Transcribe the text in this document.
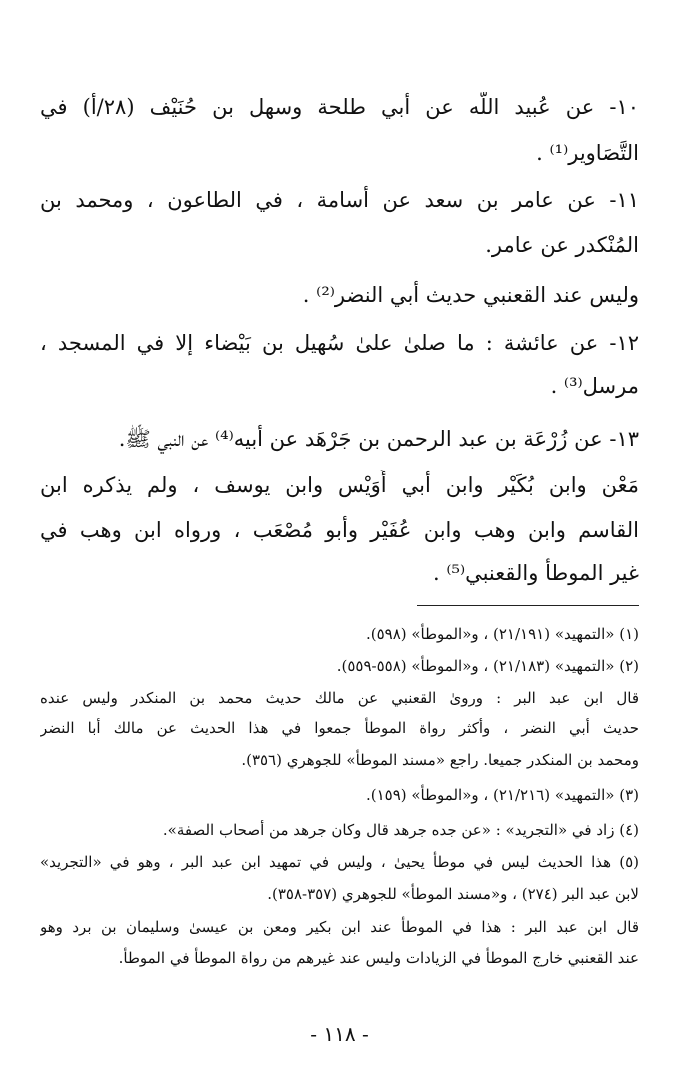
١٠- عن عُبيد اللّه عن أبي طلحة وسهل بن حُنَيْف (٢٨/أ) في
التَّصَاوير⁽¹⁾ .
١١- عن عامر بن سعد عن أسامة ، في الطاعون ، ومحمد بن
المُنْكدر عن عامر.
وليس عند القعنبي حديث أبي النضر⁽²⁾ .
١٢- عن عائشة : ما صلىٰ علىٰ سُهيل بن بَيْضاء إلا في المسجد ،
مرسل⁽³⁾ .
١٣- عن زُرْعَة بن عبد الرحمن بن جَرْهَد عن أبيه⁽⁴⁾ عن النبي ﷺ.
مَعْن وابن بُكَيْر وابن أبي أُوَيْس وابن يوسف ، ولم يذكره ابن
القاسم وابن وهب وابن عُفَيْر وأبو مُصْعَب ، ورواه ابن وهب في
غير الموطأ والقعنبي⁽⁵⁾ .
(١) «التمهيد» (٢١/١٩١) ، و«الموطأ» (٥٩٨).
(٢) «التمهيد» (٢١/١٨٣) ، و«الموطأ» (٥٥٨-٥٥٩).
قال ابن عبد البر : ورویٰ القعنبي عن مالك حديث محمد بن المنكدر وليس عنده
حديث أبي النضر ، وأكثر رواة الموطأ جمعوا في هذا الحديث عن مالك أبا النضر
ومحمد بن المنكدر جميعا. راجع «مسند الموطأ» للجوهري (٣٥٦).
(٣) «التمهيد» (٢١/٢١٦) ، و«الموطأ» (١٥٩).
(٤) زاد في «التجريد» : «عن جده جرهد قال وكان جرهد من أصحاب الصفة».
(٥) هذا الحديث ليس في موطأ يحيىٰ ، وليس في تمهيد ابن عبد البر ، وهو في «التجريد»
لابن عبد البر (٢٧٤) ، و«مسند الموطأ» للجوهري (٣٥٧-٣٥٨).
قال ابن عبد البر : هذا في الموطأ عند ابن بكير ومعن بن عيسىٰ وسليمان بن برد وهو
عند القعنبي خارج الموطأ في الزيادات وليس عند غيرهم من رواة الموطأ في الموطأ.
- ١١٨ -
